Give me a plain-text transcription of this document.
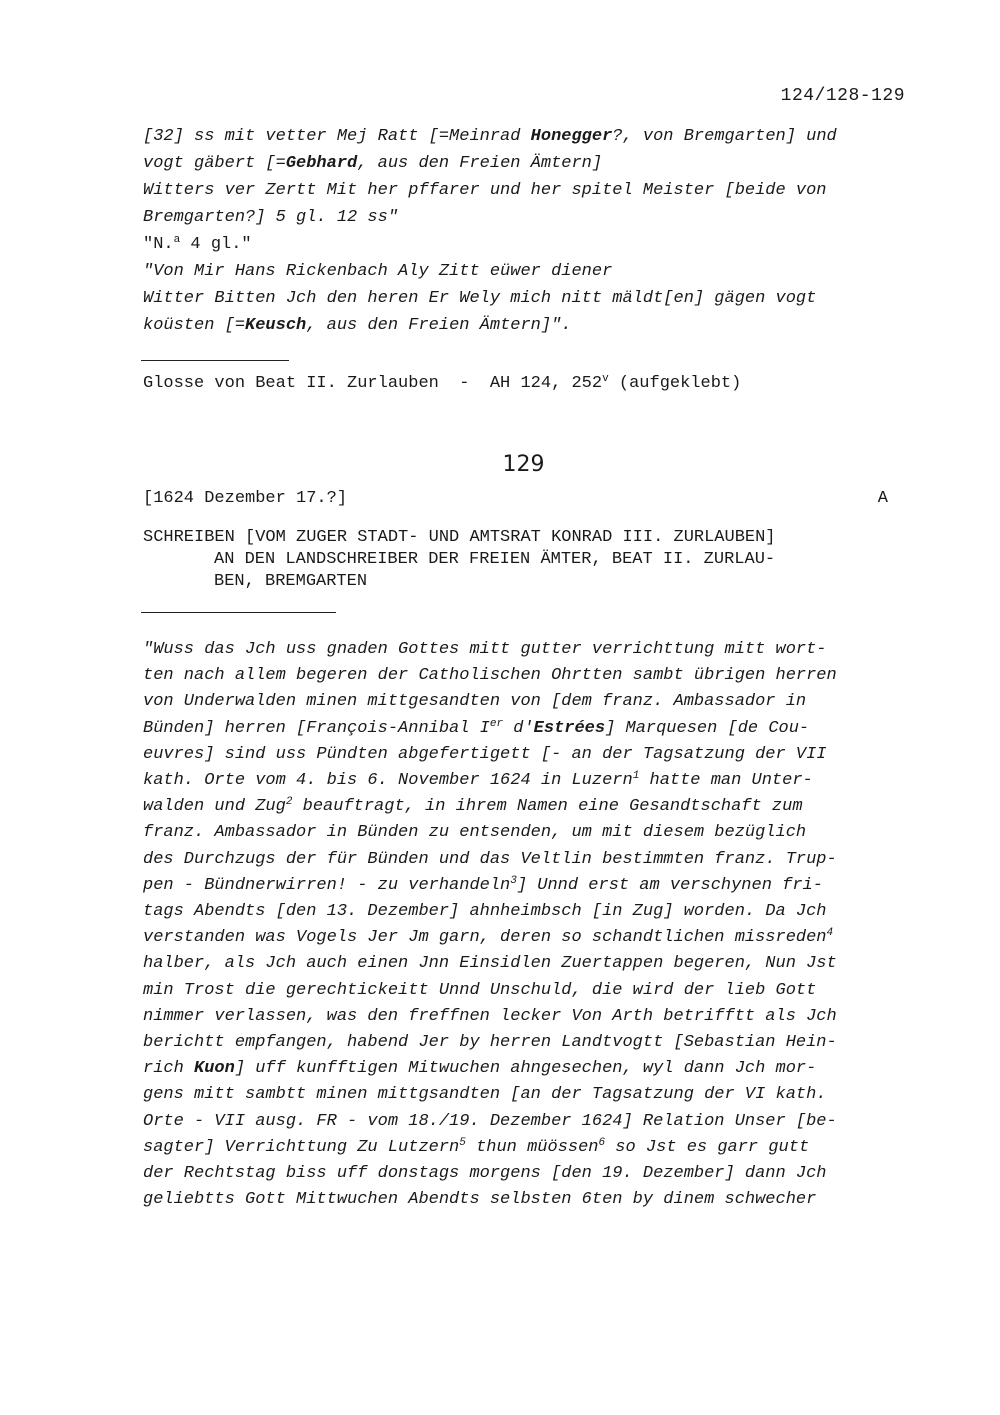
124/128-129
[32] ss mit vetter Mej Ratt [=Meinrad Honegger?, von Bremgarten] und
vogt gäbert [=Gebhard, aus den Freien Ämtern]
Witters ver Zertt Mit her pffarer und her spitel Meister [beide von
Bremgarten?] 5 gl. 12 ss"
"N.$^a$ 4 gl."
"Von Mir Hans Rickenbach Aly Zitt eüwer diener
Witter Bitten Jch den heren Er Wely mich nitt mäldt[en] gägen vogt
koüsten [=Keusch, aus den Freien Ämtern]".
Glosse von Beat II. Zurlauben  -  AH 124, 252$^v$ (aufgeklebt)
129
[1624 Dezember 17.?]	A
SCHREIBEN [VOM ZUGER STADT- UND AMTSRAT KONRAD III. ZURLAUBEN]
AN DEN LANDSCHREIBER DER FREIEN ÄMTER, BEAT II. ZURLAU-
BEN, BREMGARTEN
"Wuss das Jch uss gnaden Gottes mitt gutter verrichttung mitt wort-
ten nach allem begeren der Catholischen Ohrtten sambt übrigen herren
von Underwalden minen mittgesandten von [dem franz. Ambassador in
Bünden] herren [François-Annibal Ier d'Estrées] Marquesen [de Cou-
euvres] sind uss Pündten abgefertigett [- an der Tagsatzung der VII
kath. Orte vom 4. bis 6. November 1624 in Luzern$^1$ hatte man Unter-
walden und Zug$^2$ beauftragt, in ihrem Namen eine Gesandtschaft zum
franz. Ambassador in Bünden zu entsenden, um mit diesem bezüglich
des Durchzugs der für Bünden und das Veltlin bestimmten franz. Trup-
pen - Bündnerwirren! - zu verhandeln$^3$] Unnd erst am verschynen fri-
tags Abendts [den 13. Dezember] ahnheimbsch [in Zug] worden. Da Jch
verstanden was Vogels Jer Jm garn, deren so schandtlichen missreden$^4$
halber, als Jch auch einen Jnn Einsidlen Zuertappen begeren, Nun Jst
min Trost die gerechtickeitt Unnd Unschuld, die wird der lieb Gott
nimmer verlassen, was den freffnen lecker Von Arth betrifftt als Jch
berichtt empfangen, habend Jer by herren Landtvogtt [Sebastian Hein-
rich Kuon] uff kunfftigen Mitwuchen ahngesechen, wyl dann Jch mor-
gens mitt sambtt minen mittgsandten [an der Tagsatzung der VI kath.
Orte - VII ausg. FR - vom 18./19. Dezember 1624] Relation Unser [be-
sagter] Verrichttung Zu Lutzern$^5$ thun müössen$^6$ so Jst es garr gutt
der Rechtstag biss uff donstags morgens [den 19. Dezember] dann Jch
geliebtts Gott Mittwuchen Abendts selbsten 6ten by dinem schwecher
